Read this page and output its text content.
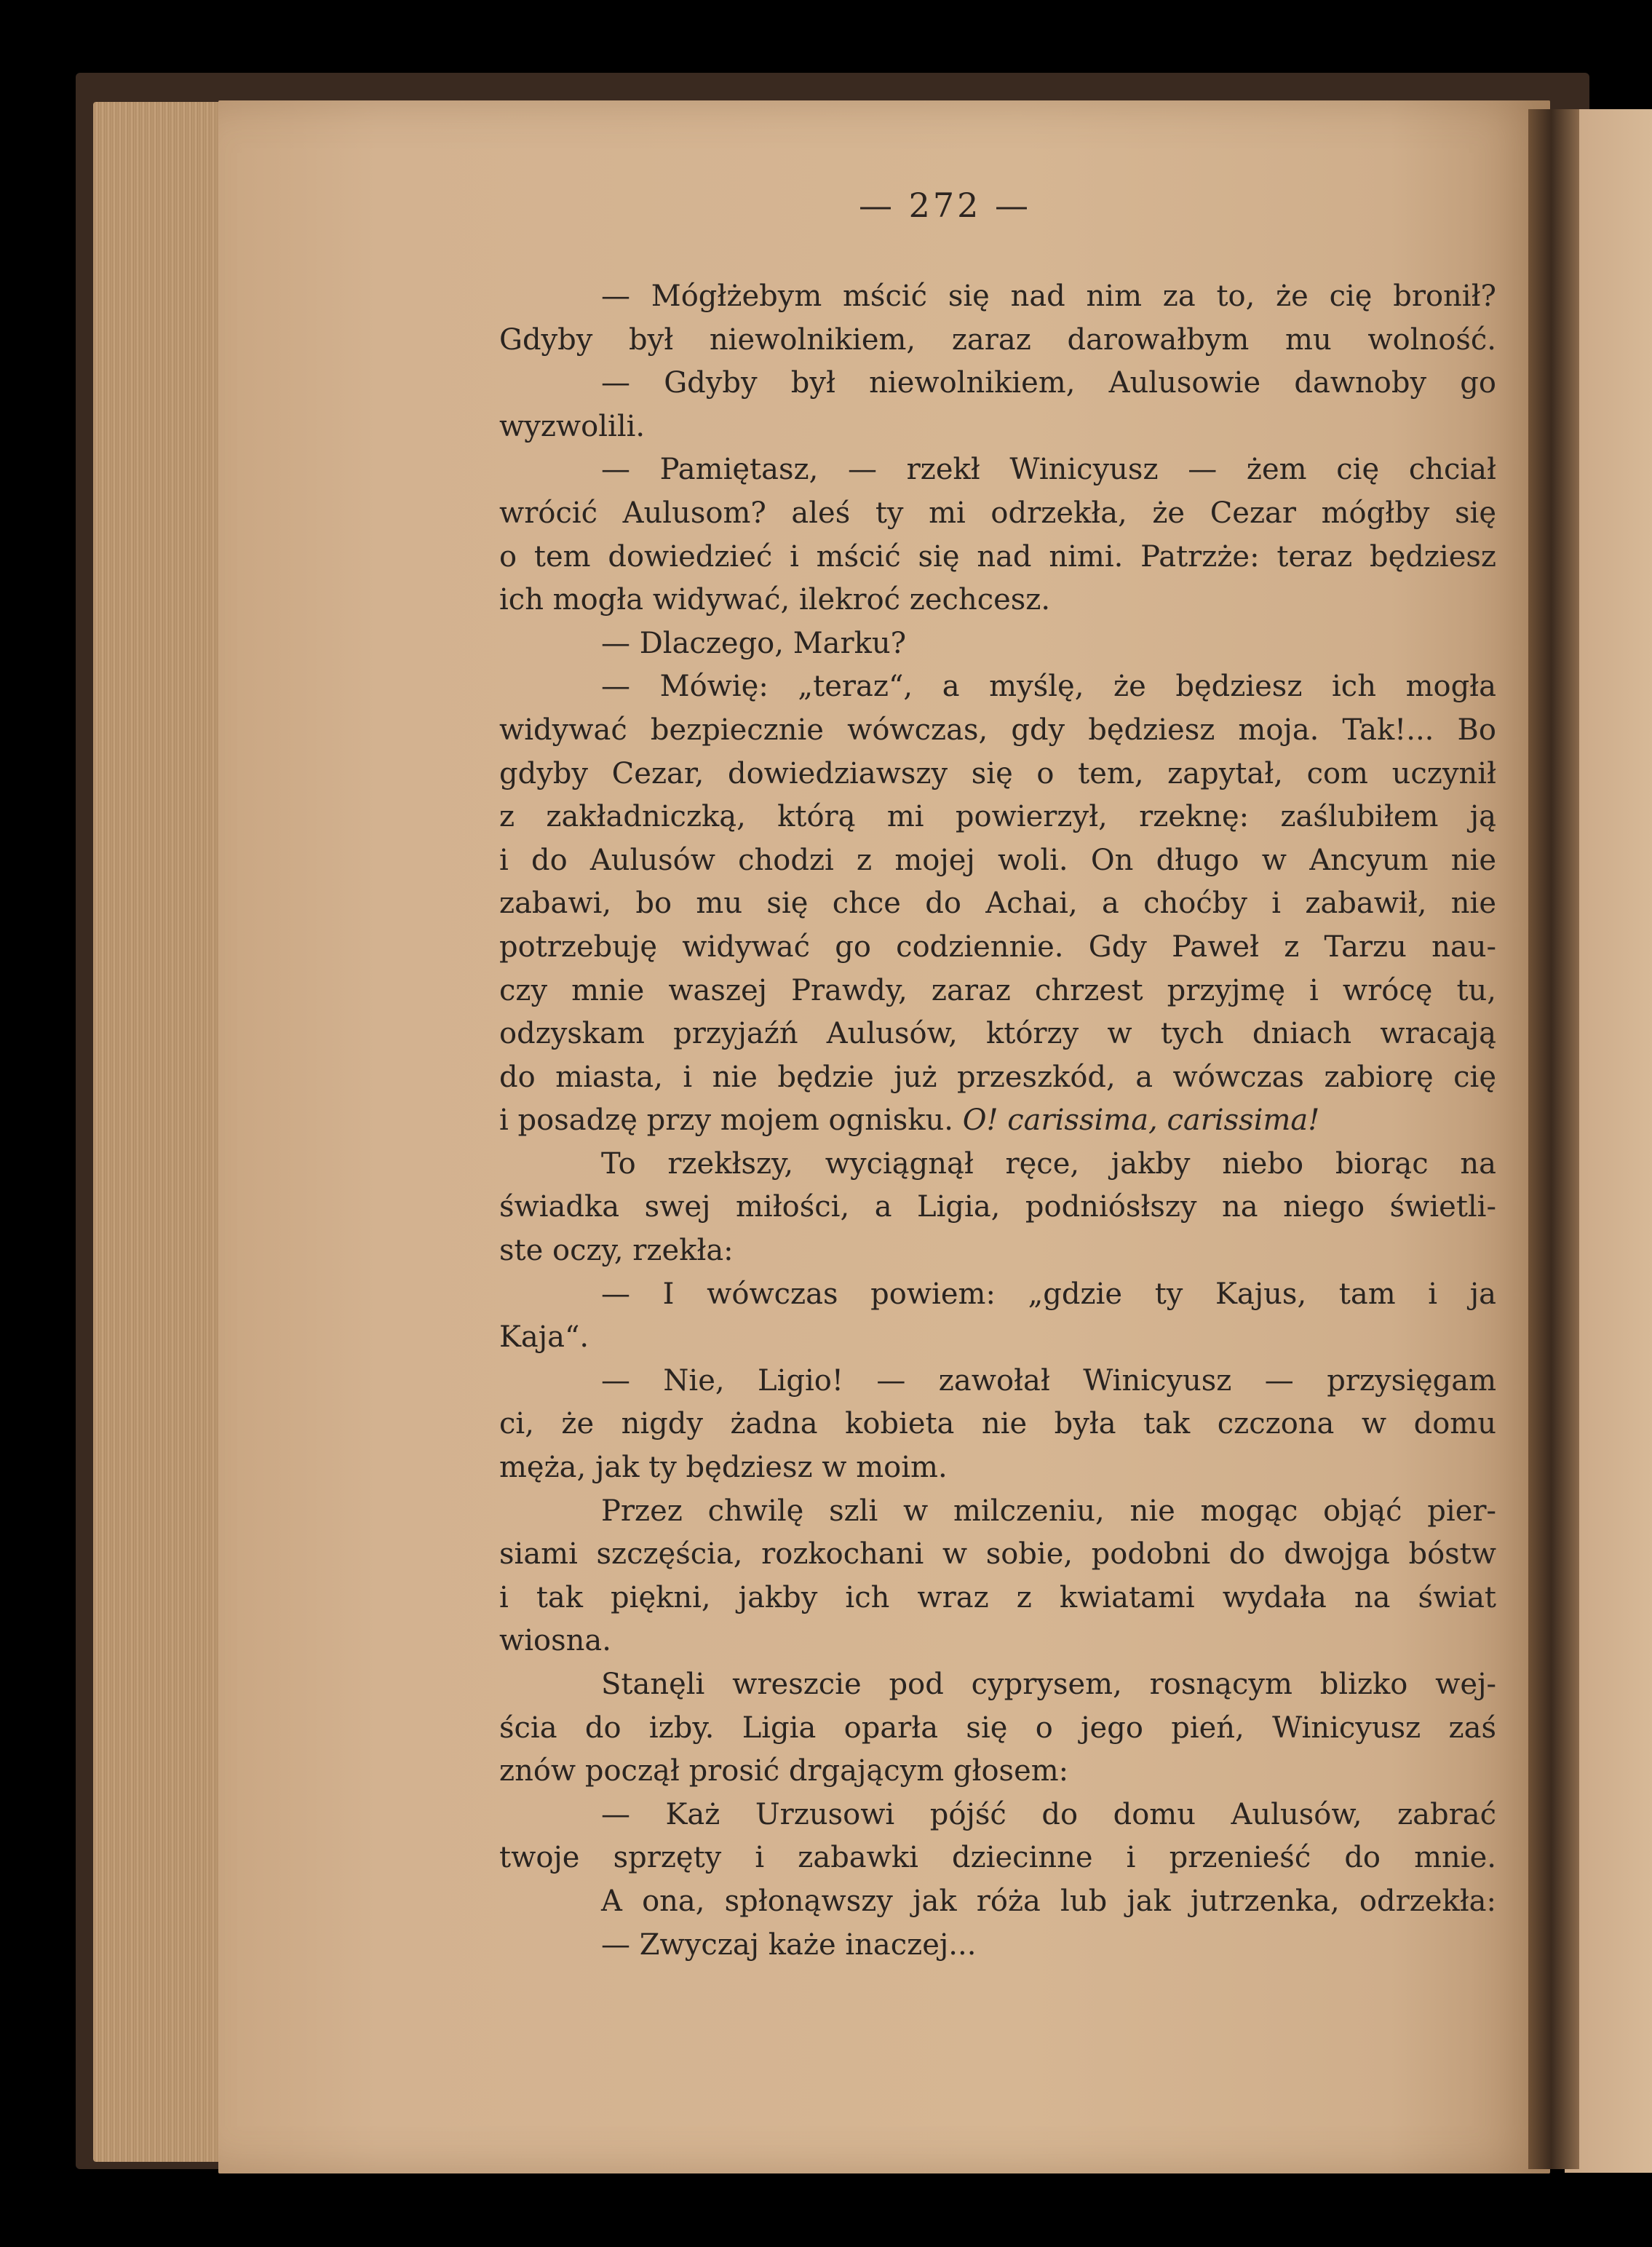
— 272 —
— Mógłżebym mścić się nad nim za to, że cię bronił?
Gdyby był niewolnikiem, zaraz darowałbym mu wolność.
— Gdyby był niewolnikiem, Aulusowie dawnoby go
wyzwolili.
— Pamiętasz, — rzekł Winicyusz — żem cię chciał
wrócić Aulusom? aleś ty mi odrzekła, że Cezar mógłby się
o tem dowiedzieć i mścić się nad nimi. Patrzże: teraz będziesz
ich mogła widywać, ilekroć zechcesz.
— Dlaczego, Marku?
— Mówię: „teraz“, a myślę, że będziesz ich mogła
widywać bezpiecznie wówczas, gdy będziesz moja. Tak!... Bo
gdyby Cezar, dowiedziawszy się o tem, zapytał, com uczynił
z zakładniczką, którą mi powierzył, rzeknę: zaślubiłem ją
i do Aulusów chodzi z mojej woli. On długo w Ancyum nie
zabawi, bo mu się chce do Achai, a choćby i zabawił, nie
potrzebuję widywać go codziennie. Gdy Paweł z Tarzu nau-
czy mnie waszej Prawdy, zaraz chrzest przyjmę i wrócę tu,
odzyskam przyjaźń Aulusów, którzy w tych dniach wracają
do miasta, i nie będzie już przeszkód, a wówczas zabiorę cię
i posadzę przy mojem ognisku. O! carissima, carissima!
To rzekłszy, wyciągnął ręce, jakby niebo biorąc na
świadka swej miłości, a Ligia, podniósłszy na niego świetli-
ste oczy, rzekła:
— I wówczas powiem: „gdzie ty Kajus, tam i ja
Kaja“.
— Nie, Ligio! — zawołał Winicyusz — przysięgam
ci, że nigdy żadna kobieta nie była tak czczona w domu
męża, jak ty będziesz w moim.
Przez chwilę szli w milczeniu, nie mogąc objąć pier-
siami szczęścia, rozkochani w sobie, podobni do dwojga bóstw
i tak piękni, jakby ich wraz z kwiatami wydała na świat
wiosna.
Stanęli wreszcie pod cyprysem, rosnącym blizko wej-
ścia do izby. Ligia oparła się o jego pień, Winicyusz zaś
znów począł prosić drgającym głosem:
— Każ Urzusowi pójść do domu Aulusów, zabrać
twoje sprzęty i zabawki dziecinne i przenieść do mnie.
A ona, spłonąwszy jak róża lub jak jutrzenka, odrzekła:
— Zwyczaj każe inaczej...
